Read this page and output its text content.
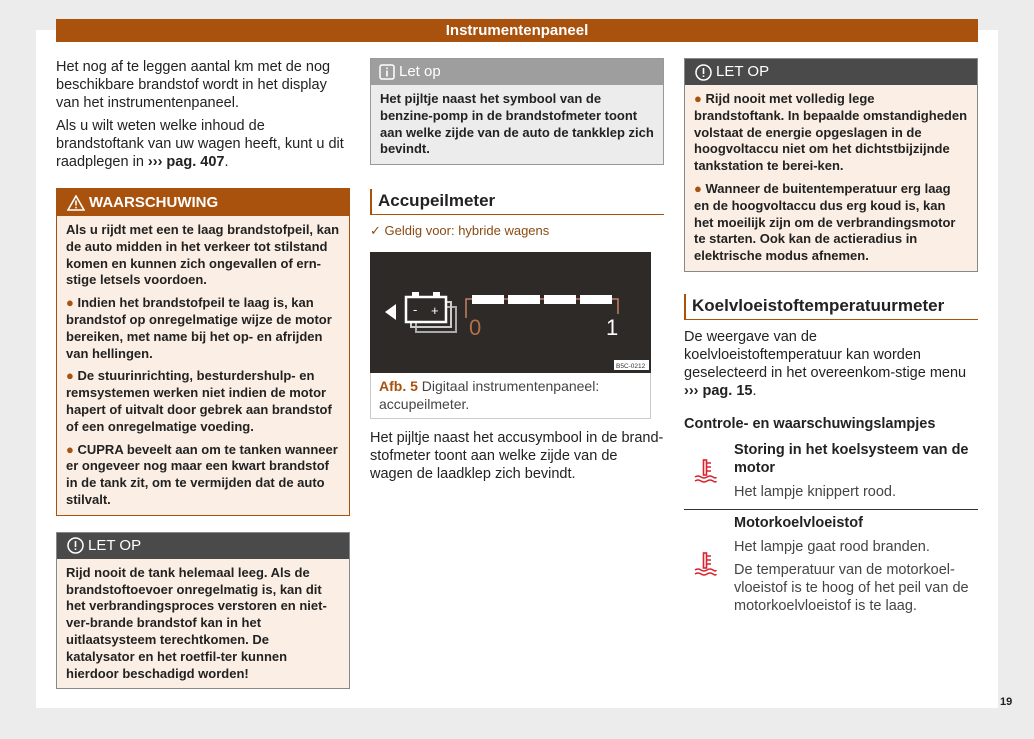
Instrumentenpaneel

Het nog af te leggen aantal km met de nog beschikbare brandstof wordt in het display van het instrumentenpaneel.

Als u wilt weten welke inhoud de brandstoftank van uw wagen heeft, kunt u dit raadplegen in ››› pag. 407.

WAARSCHUWING

Als u rijdt met een te laag brandstofpeil, kan de auto midden in het verkeer tot stilstand komen en kunnen zich ongevallen of ern-stige letsels voordoen.

● Indien het brandstofpeil te laag is, kan brandstof op onregelmatige wijze de motor bereiken, met name bij het op- en afrijden van hellingen.

● De stuurinrichting, besturdershulp- en remsystemen werken niet indien de motor hapert of uitvalt door gebrek aan brandstof of een onregelmatige voeding.

● CUPRA beveelt aan om te tanken wanneer er ongeveer nog maar een kwart brandstof in de tank zit, om te vermijden dat de auto stilvalt.

LET OP

Rijd nooit de tank helemaal leeg. Als de brandstoftoevoer onregelmatig is, kan dit het verbrandingsproces verstoren en niet-ver-brande brandstof kan in het uitlaatsysteem terechtkomen. De katalysator en het roetfil-ter kunnen hierdoor beschadigd worden!

Let op

Het pijltje naast het symbool van de benzine-pomp in de brandstofmeter toont aan welke zijde van de auto de tankklep zich bevindt.

Accupeilmeter
✓ Geldig voor: hybride wagens
- +
0	1
B5C-0212
Afb. 5 Digitaal instrumentenpaneel: accupeilmeter.

Het pijltje naast het accusymbool in de brand-stofmeter toont aan welke zijde van de wagen de laadklep zich bevindt.

LET OP

● Rijd nooit met volledig lege brandstoftank. In bepaalde omstandigheden volstaat de energie opgeslagen in de hoogvoltaccu niet om het dichtstbijzijnde tankstation te berei-ken.

● Wanneer de buitentemperatuur erg laag en de hoogvoltaccu dus erg koud is, kan het moeilijk zijn om de verbrandingsmotor te starten. Ook kan de actieradius in elektrische modus afnemen.

Koelvloeistoftemperatuurmeter

De weergave van de koelvloeistoftemperatuur kan worden geselecteerd in het overeenkom-stige menu ››› pag. 15.

Controle- en waarschuwingslampjes
Storing in het koelsysteem van de motor
Het lampje knippert rood.
Motorkoelvloeistof
Het lampje gaat rood branden.
De temperatuur van de motorkoel-vloeistof is te hoog of het peil van de motorkoelvloeistof is te laag.
19
